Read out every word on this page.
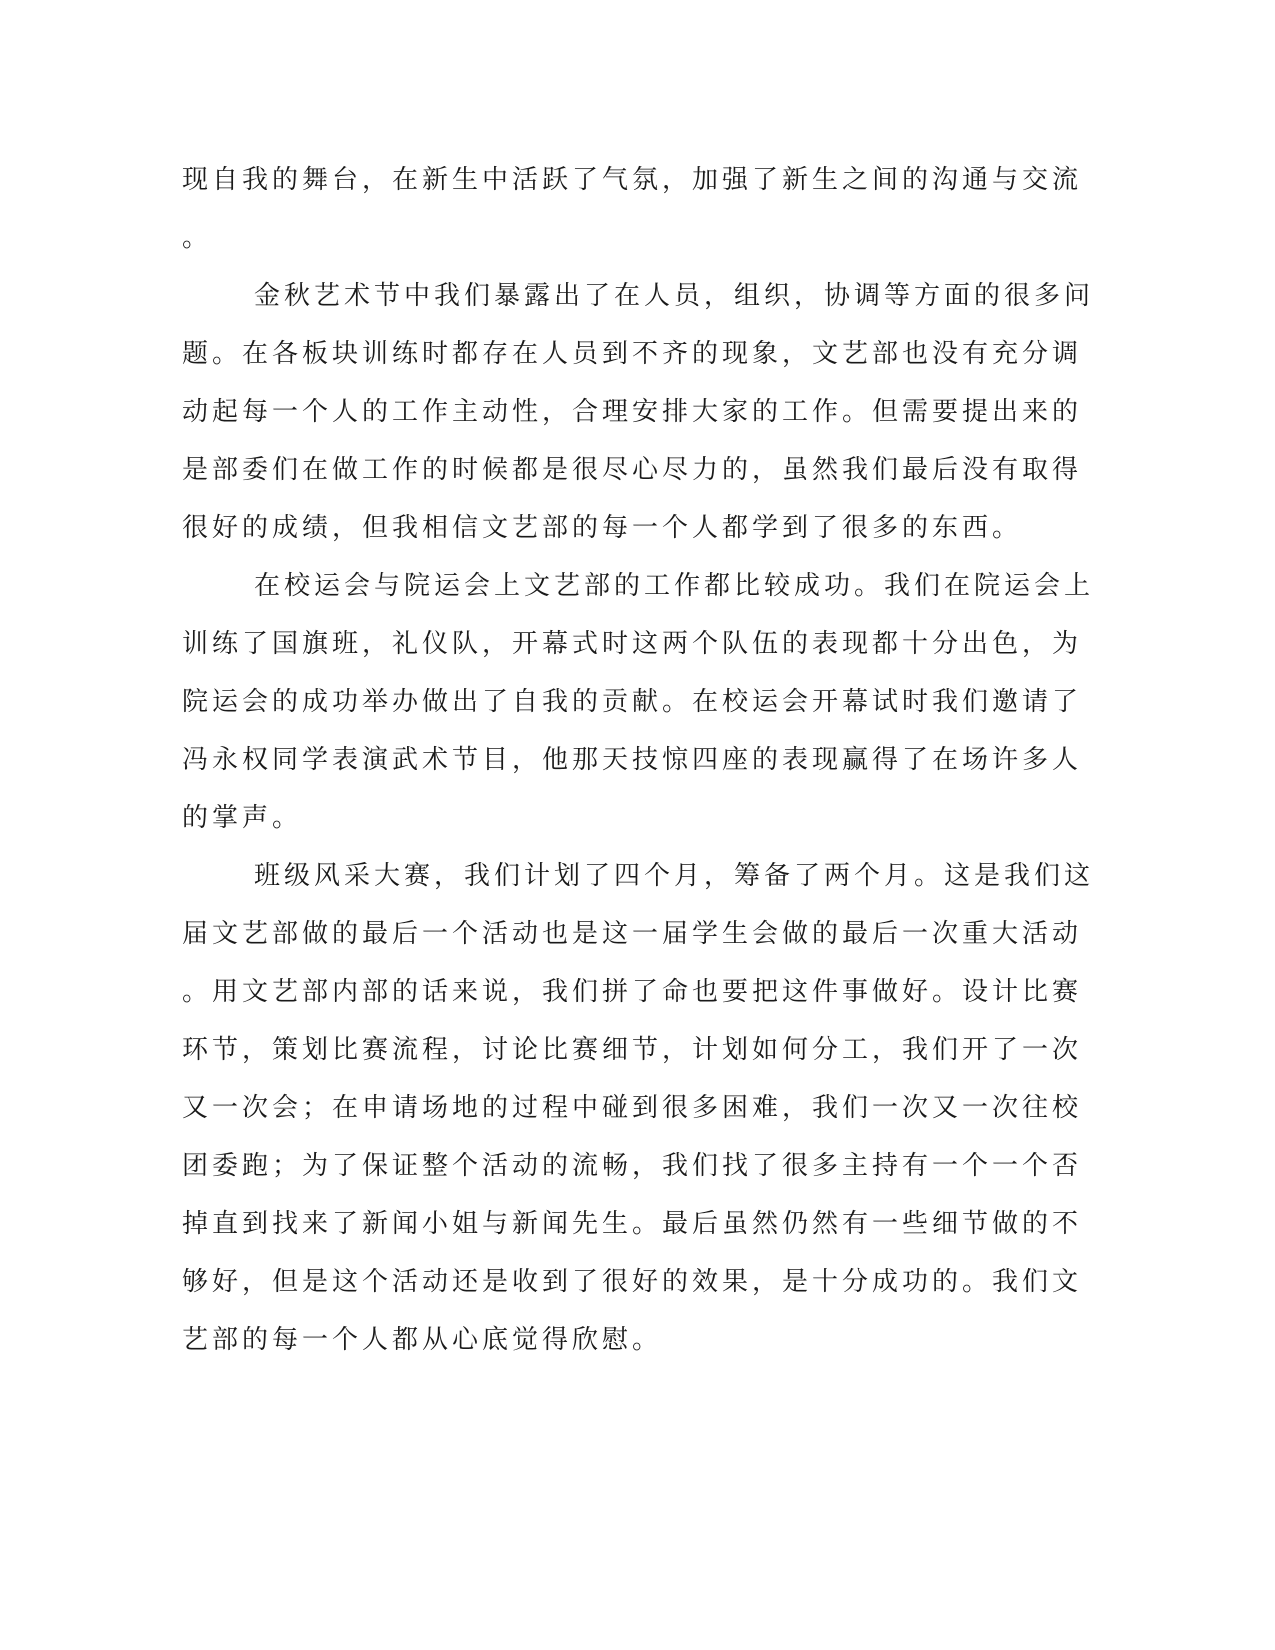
现自我的舞台，在新生中活跃了气氛，加强了新生之间的沟通与交流
。
金秋艺术节中我们暴露出了在人员，组织，协调等方面的很多问
题。在各板块训练时都存在人员到不齐的现象，文艺部也没有充分调
动起每一个人的工作主动性，合理安排大家的工作。但需要提出来的
是部委们在做工作的时候都是很尽心尽力的，虽然我们最后没有取得
很好的成绩，但我相信文艺部的每一个人都学到了很多的东西。
在校运会与院运会上文艺部的工作都比较成功。我们在院运会上
训练了国旗班，礼仪队，开幕式时这两个队伍的表现都十分出色，为
院运会的成功举办做出了自我的贡献。在校运会开幕试时我们邀请了
冯永权同学表演武术节目，他那天技惊四座的表现赢得了在场许多人
的掌声。
班级风采大赛，我们计划了四个月，筹备了两个月。这是我们这
届文艺部做的最后一个活动也是这一届学生会做的最后一次重大活动
。用文艺部内部的话来说，我们拼了命也要把这件事做好。设计比赛
环节，策划比赛流程，讨论比赛细节，计划如何分工，我们开了一次
又一次会；在申请场地的过程中碰到很多困难，我们一次又一次往校
团委跑；为了保证整个活动的流畅，我们找了很多主持有一个一个否
掉直到找来了新闻小姐与新闻先生。最后虽然仍然有一些细节做的不
够好，但是这个活动还是收到了很好的效果，是十分成功的。我们文
艺部的每一个人都从心底觉得欣慰。
